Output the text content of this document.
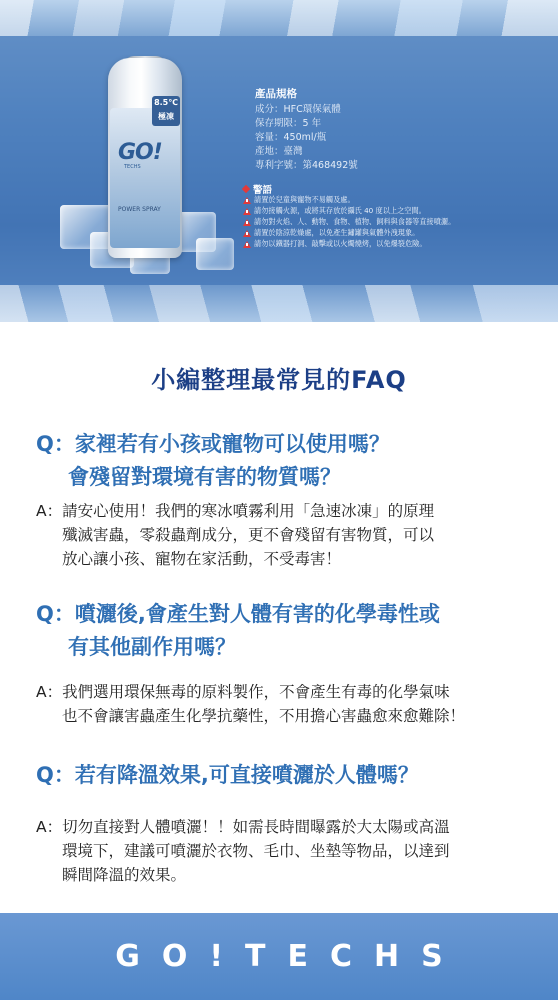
8.5℃
極凍
GO!
TECHS
POWER SPRAY
產品規格
成分：HFC環保氣體
保存期限：5 年
容量：450ml/瓶
產地：臺灣
專利字號：第468492號
警語
請置於兒童與寵物不易觸及處。
請勿接觸火源，或將其存放於攝氏 40 度以上之空間。
請勿對火焰、人、動物、食物、植物、飼料與食器等直接噴灑。
請置於陰涼乾燥處，以免產生鏽罐與氣體外洩現象。
請勿以鐵器打洞、敲擊或以火燭燒烤，以免爆裂危險。
小編整理最常見的FAQ
Q：家裡若有小孩或寵物可以使用嗎？
會殘留對環境有害的物質嗎？
A：請安心使用！我們的寒冰噴霧利用「急速冰凍」的原理
殲滅害蟲，零殺蟲劑成分，更不會殘留有害物質，可以
放心讓小孩、寵物在家活動，不受毒害！
Q：噴灑後,會產生對人體有害的化學毒性或
有其他副作用嗎？
A：我們選用環保無毒的原料製作，不會產生有毒的化學氣味
也不會讓害蟲產生化學抗藥性，不用擔心害蟲愈來愈難除！
Q：若有降溫效果,可直接噴灑於人體嗎？
A：切勿直接對人體噴灑！！如需長時間曝露於大太陽或高溫
環境下，建議可噴灑於衣物、毛巾、坐墊等物品，以達到
瞬間降溫的效果。
GO!TECHS
